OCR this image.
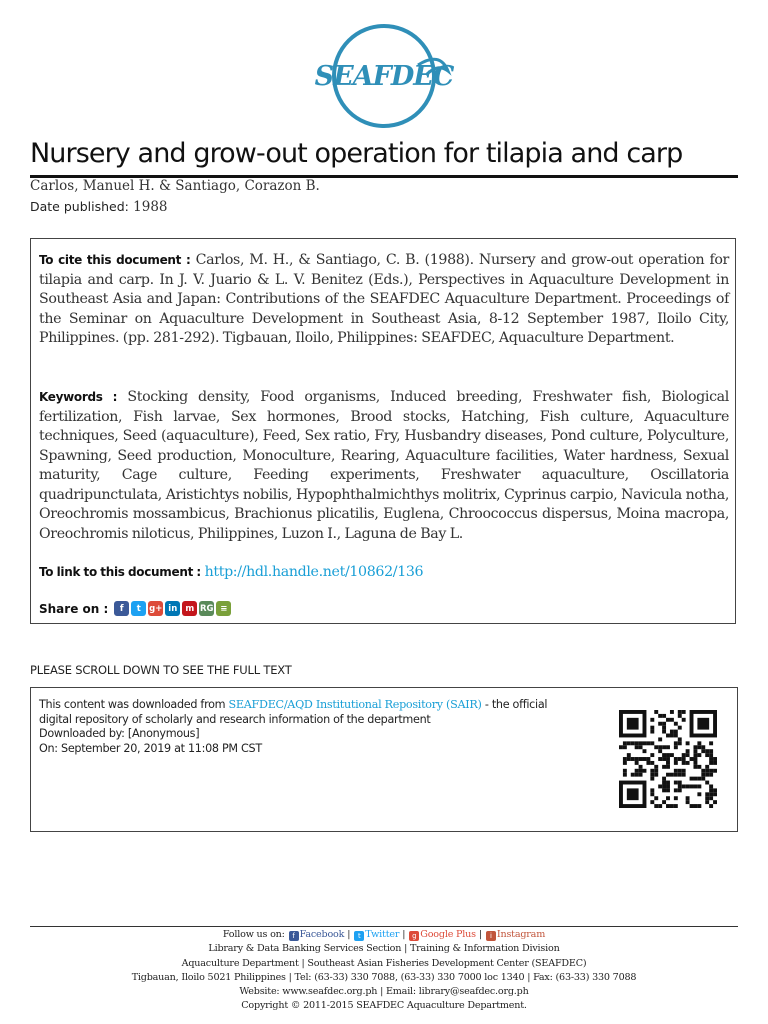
SEAFDEC
Nursery and grow-out operation for tilapia and carp
Carlos, Manuel H. & Santiago, Corazon B.
Date published: 1988

To cite this document : Carlos, M. H., & Santiago, C. B. (1988). Nursery and grow-out operation for tilapia and carp. In J. V. Juario & L. V. Benitez (Eds.), Perspectives in Aquaculture Development in Southeast Asia and Japan: Contributions of the SEAFDEC Aquaculture Department. Proceedings of the Seminar on Aquaculture Development in Southeast Asia, 8-12 September 1987, Iloilo City, Philippines. (pp. 281-292). Tigbauan, Iloilo, Philippines: SEAFDEC, Aquaculture Department.

Keywords : Stocking density, Food organisms, Induced breeding, Freshwater fish, Biological fertilization, Fish larvae, Sex hormones, Brood stocks, Hatching, Fish culture, Aquaculture techniques, Seed (aquaculture), Feed, Sex ratio, Fry, Husbandry diseases, Pond culture, Polyculture, Spawning, Seed production, Monoculture, Rearing, Aquaculture facilities, Water hardness, Sexual maturity, Cage culture, Feeding experiments, Freshwater aquaculture, Oscillatoria quadripunctulata, Aristichtys nobilis, Hypophthalmichthys molitrix, Cyprinus carpio, Navicula notha, Oreochromis mossambicus, Brachionus plicatilis, Euglena, Chroococcus dispersus, Moina macropa, Oreochromis niloticus, Philippines, Luzon I., Laguna de Bay L.

To link to this document : http://hdl.handle.net/10862/136

Share on :	f	t g+ in m RG ≡
PLEASE SCROLL DOWN TO SEE THE FULL TEXT
This content was downloaded from SEAFDEC/AQD Institutional Repository (SAIR) - the official
digital repository of scholarly and research information of the department
Downloaded by: [Anonymous]
On: September 20, 2019 at 11:08 PM CST
Follow us on: f Facebook | t Twitter | g Google Plus | i Instagram
Library & Data Banking Services Section | Training & Information Division
Aquaculture Department | Southeast Asian Fisheries Development Center (SEAFDEC)
Tigbauan, Iloilo 5021 Philippines | Tel: (63-33) 330 7088, (63-33) 330 7000 loc 1340 | Fax: (63-33) 330 7088
Website: www.seafdec.org.ph | Email: library@seafdec.org.ph
Copyright © 2011-2015 SEAFDEC Aquaculture Department.
